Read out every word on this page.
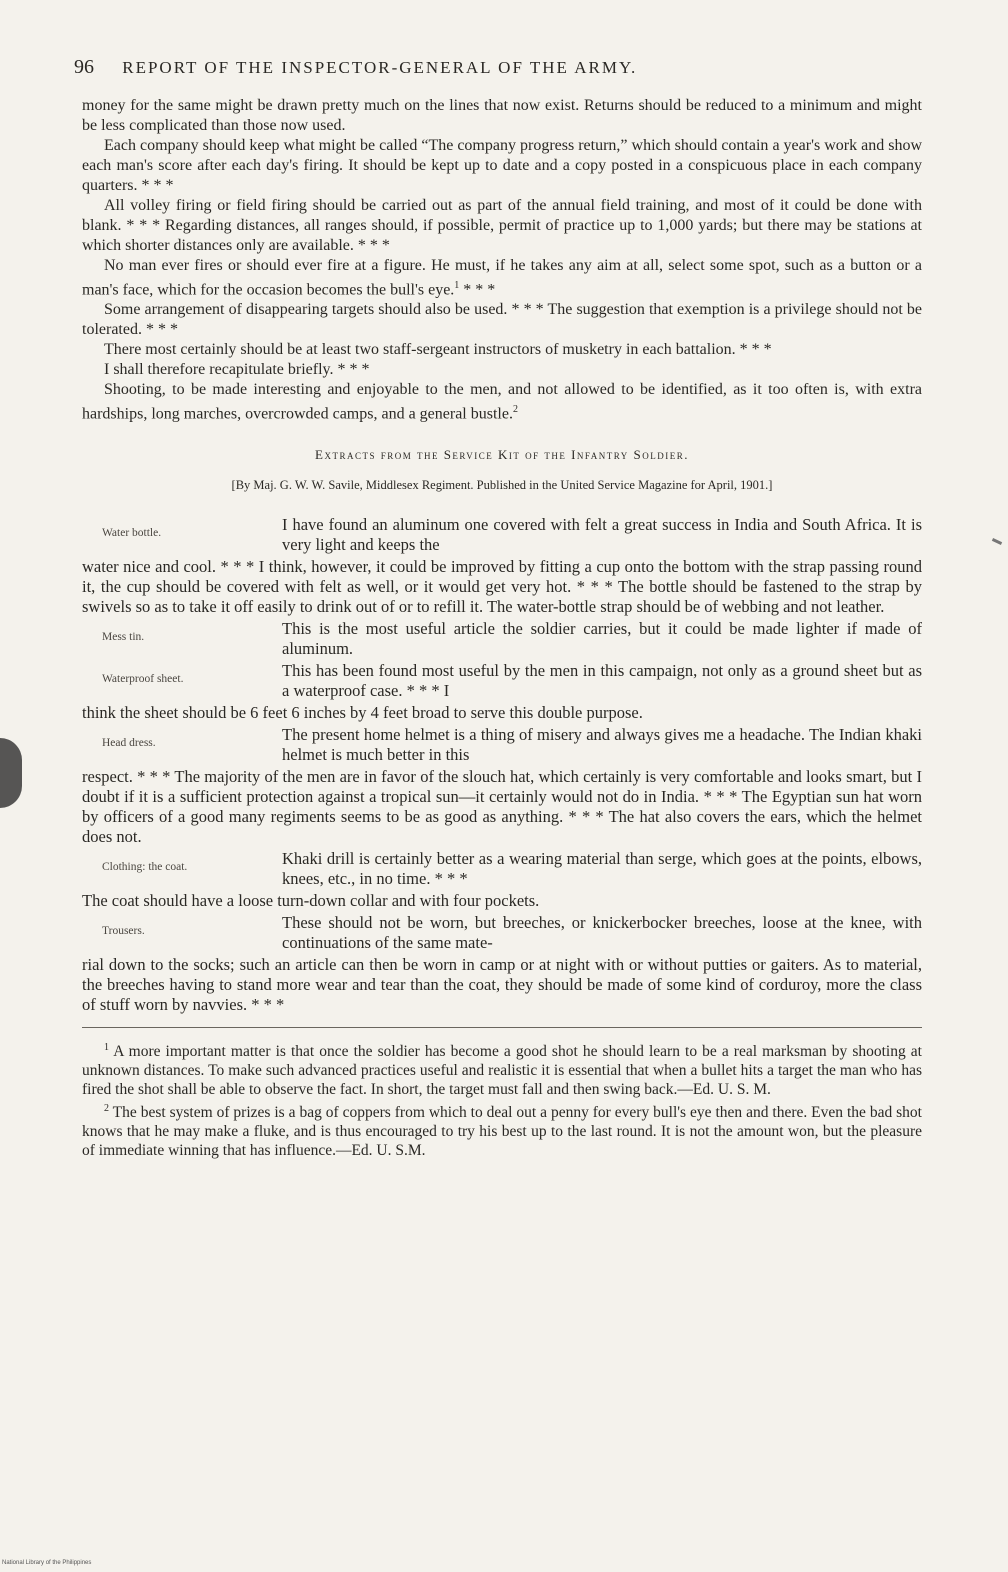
96 REPORT OF THE INSPECTOR-GENERAL OF THE ARMY.

money for the same might be drawn pretty much on the lines that now exist. Returns should be reduced to a minimum and might be less complicated than those now used.

Each company should keep what might be called “The company progress return,” which should contain a year's work and show each man's score after each day's firing. It should be kept up to date and a copy posted in a conspicuous place in each company quarters. * * *

All volley firing or field firing should be carried out as part of the annual field training, and most of it could be done with blank. * * * Regarding distances, all ranges should, if possible, permit of practice up to 1,000 yards; but there may be stations at which shorter distances only are available. * * *

No man ever fires or should ever fire at a figure. He must, if he takes any aim at all, select some spot, such as a button or a man's face, which for the occasion becomes the bull's eye.$^1$ * * *

Some arrangement of disappearing targets should also be used. * * * The suggestion that exemption is a privilege should not be tolerated. * * *

There most certainly should be at least two staff-sergeant instructors of musketry in each battalion. * * *

I shall therefore recapitulate briefly. * * *

Shooting, to be made interesting and enjoyable to the men, and not allowed to be identified, as it too often is, with extra hardships, long marches, overcrowded camps, and a general bustle.$^2$

Extracts from the Service Kit of the Infantry Soldier.
[By Maj. G. W. W. Savile, Middlesex Regiment. Published in the United Service Magazine for April, 1901.]
Water bottle.	I have found an aluminum one covered with felt a great success in India and South Africa. It is very light and keeps the
water nice and cool. * * * I think, however, it could be improved by fitting a cup onto the bottom with the strap passing round it, the cup should be covered with felt as well, or it would get very hot. * * * The bottle should be fastened to the strap by swivels so as to take it off easily to drink out of or to refill it. The water-bottle strap should be of webbing and not leather.
Mess tin.	This is the most useful article the soldier carries, but it could be made lighter if made of aluminum.
Waterproof sheet.	This has been found most useful by the men in this campaign, not only as a ground sheet but as a waterproof case. * * * I
think the sheet should be 6 feet 6 inches by 4 feet broad to serve this double purpose.
Head dress.	The present home helmet is a thing of misery and always gives me a headache. The Indian khaki helmet is much better in this
respect. * * * The majority of the men are in favor of the slouch hat, which certainly is very comfortable and looks smart, but I doubt if it is a sufficient protection against a tropical sun—it certainly would not do in India. * * * The Egyptian sun hat worn by officers of a good many regiments seems to be as good as anything. * * * The hat also covers the ears, which the helmet does not.
Clothing: the coat.	Khaki drill is certainly better as a wearing material than serge, which goes at the points, elbows, knees, etc., in no time. * * *
The coat should have a loose turn-down collar and with four pockets.
Trousers.	These should not be worn, but breeches, or knickerbocker breeches, loose at the knee, with continuations of the same mate-
rial down to the socks; such an article can then be worn in camp or at night with or without putties or gaiters. As to material, the breeches having to stand more wear and tear than the coat, they should be made of some kind of corduroy, more the class of stuff worn by navvies. * * *

$^1$ A more important matter is that once the soldier has become a good shot he should learn to be a real marksman by shooting at unknown distances. To make such advanced practices useful and realistic it is essential that when a bullet hits a target the man who has fired the shot shall be able to observe the fact. In short, the target must fall and then swing back.—Ed. U. S. M.

$^2$ The best system of prizes is a bag of coppers from which to deal out a penny for every bull's eye then and there. Even the bad shot knows that he may make a fluke, and is thus encouraged to try his best up to the last round. It is not the amount won, but the pleasure of immediate winning that has influence.—Ed. U. S.M.

National Library of the Philippines
